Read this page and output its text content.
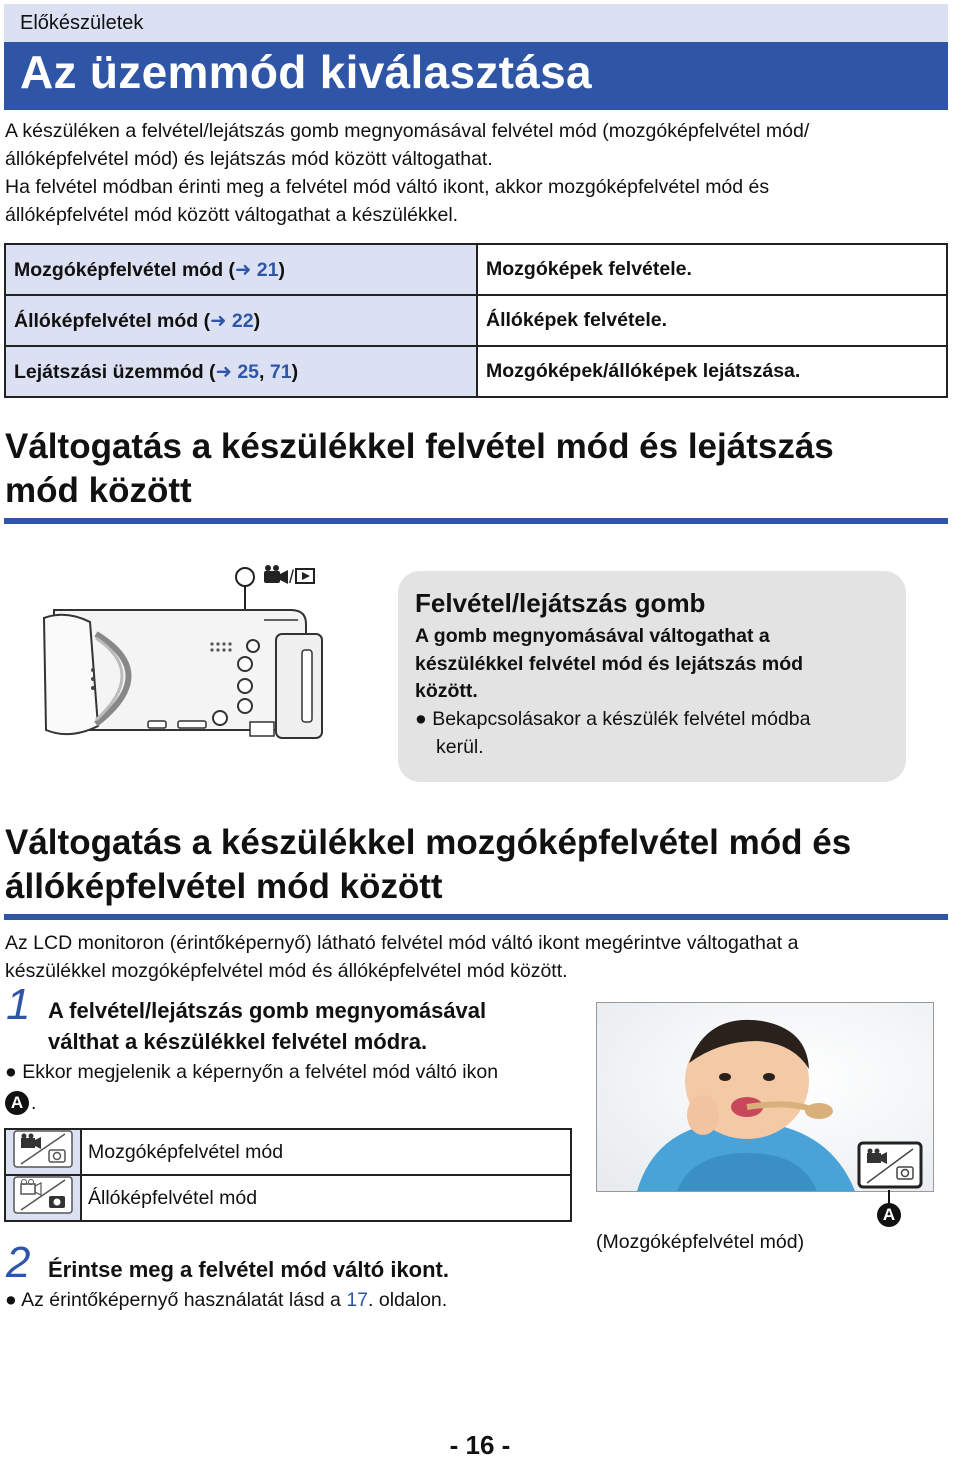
Előkészületek
Az üzemmód kiválasztása
A készüléken a felvétel/lejátszás gomb megnyomásával felvétel mód (mozgóképfelvétel mód/
állóképfelvétel mód) és lejátszás mód között váltogathat.
Ha felvétel módban érinti meg a felvétel mód váltó ikont, akkor mozgóképfelvétel mód és
állóképfelvétel mód között váltogathat a készülékkel.
Mozgóképfelvétel mód (➜ 21)	Mozgóképek felvétele.
Állóképfelvétel mód (➜ 22)	Állóképek felvétele.
Lejátszási üzemmód (➜ 25, 71)	Mozgóképek/állóképek lejátszása.
Váltogatás a készülékkel felvétel mód és lejátszás
mód között
/
Felvétel/lejátszás gomb
A gomb megnyomásával váltogathat a
készülékkel felvétel mód és lejátszás mód
között.
● Bekapcsolásakor a készülék felvétel módba
kerül.
Váltogatás a készülékkel mozgóképfelvétel mód és
állóképfelvétel mód között
Az LCD monitoron (érintőképernyő) látható felvétel mód váltó ikont megérintve váltogathat a
készülékkel mozgóképfelvétel mód és állóképfelvétel mód között.
1 A felvétel/lejátszás gomb megnyomásával
válthat a készülékkel felvétel módra.
● Ekkor megjelenik a képernyőn a felvétel mód váltó ikon
A .
	Mozgóképfelvétel mód
	Állóképfelvétel mód
2 Érintse meg a felvétel mód váltó ikont.
● Az érintőképernyő használatát lásd a 17. oldalon.
A
(Mozgóképfelvétel mód)
- 16 -
